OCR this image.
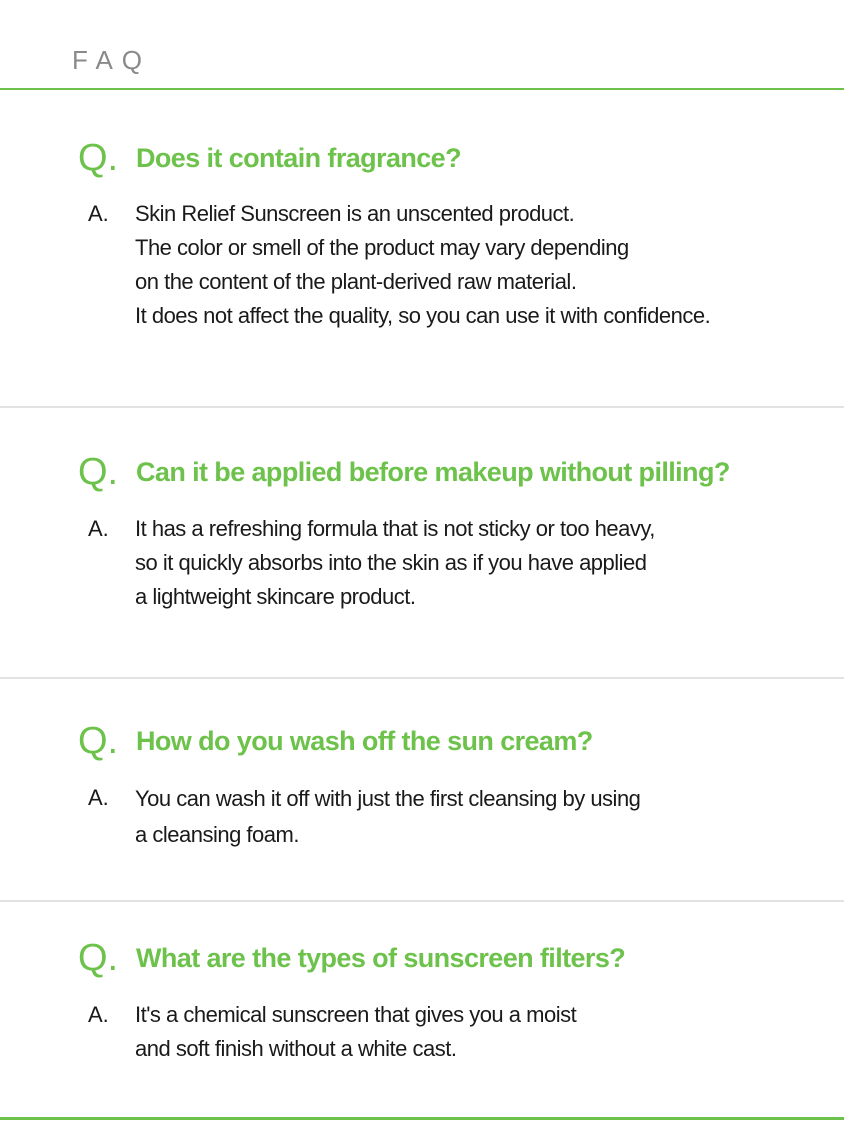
FAQ
Q. Does it contain fragrance?
A. Skin Relief Sunscreen is an unscented product.
The color or smell of the product may vary depending
on the content of the plant-derived raw material.
It does not affect the quality, so you can use it with confidence.
Q. Can it be applied before makeup without pilling?
A. It has a refreshing formula that is not sticky or too heavy,
so it quickly absorbs into the skin as if you have applied
a lightweight skincare product.
Q. How do you wash off the sun cream?
A. You can wash it off with just the first cleansing by using
a cleansing foam.
Q. What are the types of sunscreen filters?
A. It's a chemical sunscreen that gives you a moist
and soft finish without a white cast.
